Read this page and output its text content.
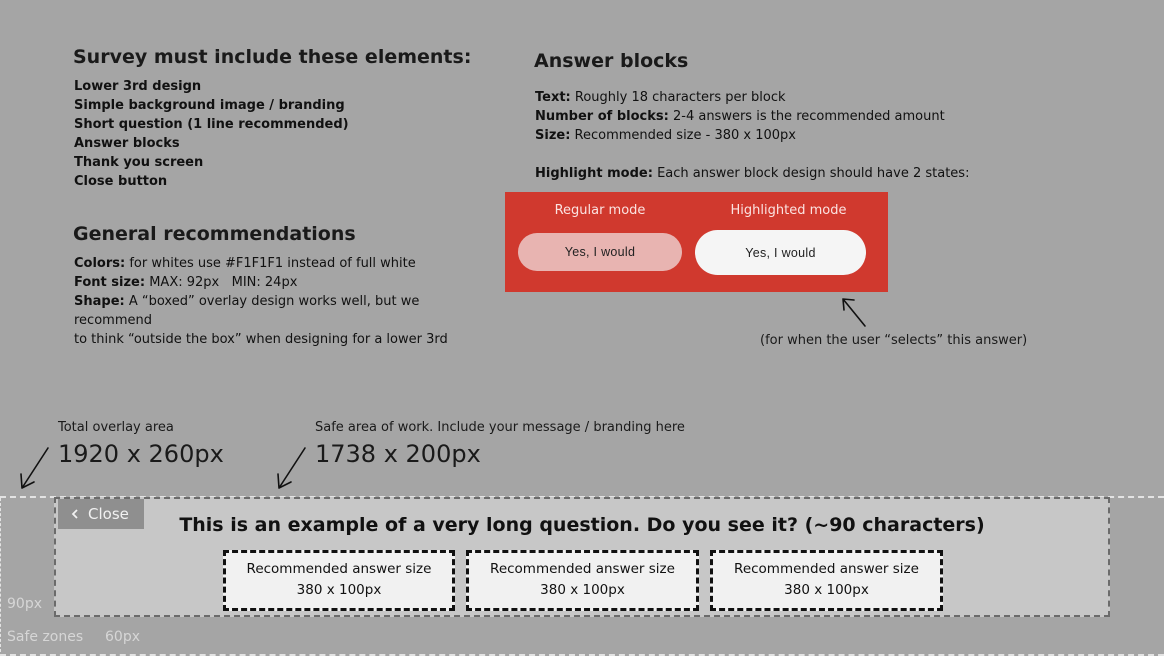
Survey must include these elements:
Lower 3rd design
Simple background image / branding
Short question (1 line recommended)
Answer blocks
Thank you screen
Close button
General recommendations
Colors: for whites use #F1F1F1 instead of full white
Font size: MAX: 92px   MIN: 24px
Shape: A “boxed” overlay design works well, but we recommend
to think “outside the box” when designing for a lower 3rd
Answer blocks
Text: Roughly 18 characters per block
Number of blocks: 2-4 answers is the recommended amount
Size: Recommended size - 380 x 100px
Highlight mode: Each answer block design should have 2 states:
Regular mode	Highlighted mode
Yes, I would	Yes, I would
(for when the user “selects” this answer)
Total overlay area
1920 x 260px
Safe area of work. Include your message / branding here
1738 x 200px
Close	This is an example of a very long question. Do you see it? (~90 characters)
Recommended answer size
380 x 100px
Recommended answer size
380 x 100px
Recommended answer size
380 x 100px
90px
Safe zones 60px
